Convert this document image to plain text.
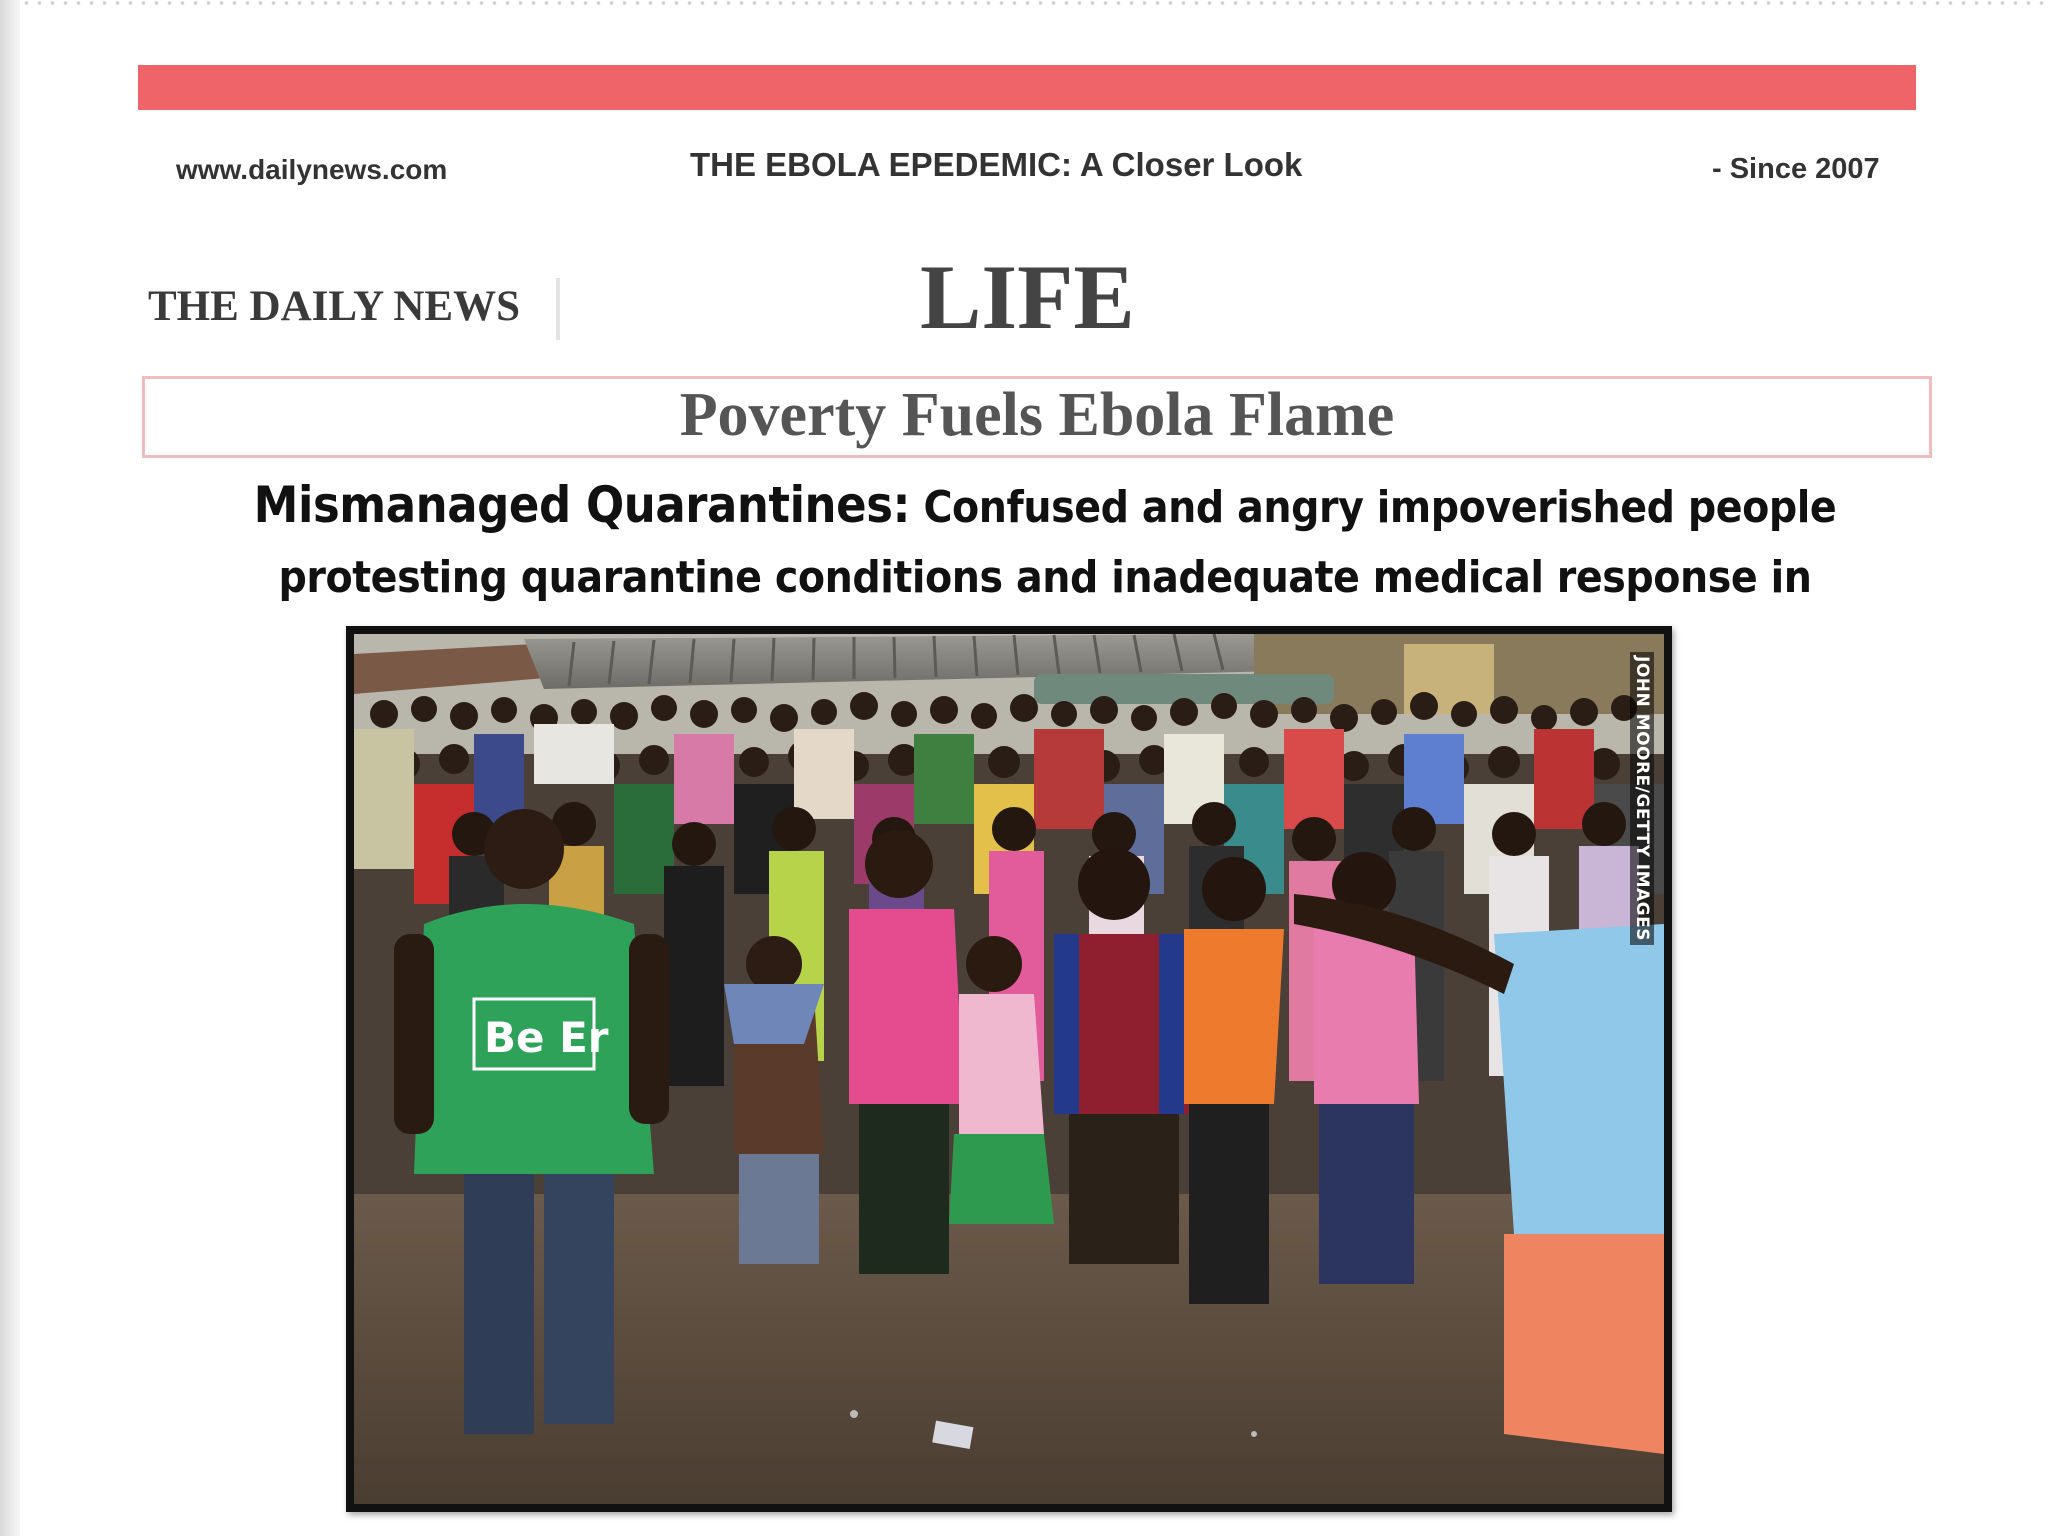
www.dailynews.com	THE EBOLA EPEDEMIC: A Closer Look	- Since 2007
THE DAILY NEWS	LIFE
Poverty Fuels Ebola Flame
Mismanaged Quarantines: Confused and angry impoverished people protesting quarantine conditions and inadequate medical response in
Be Er
JOHN MOORE/GETTY IMAGES
